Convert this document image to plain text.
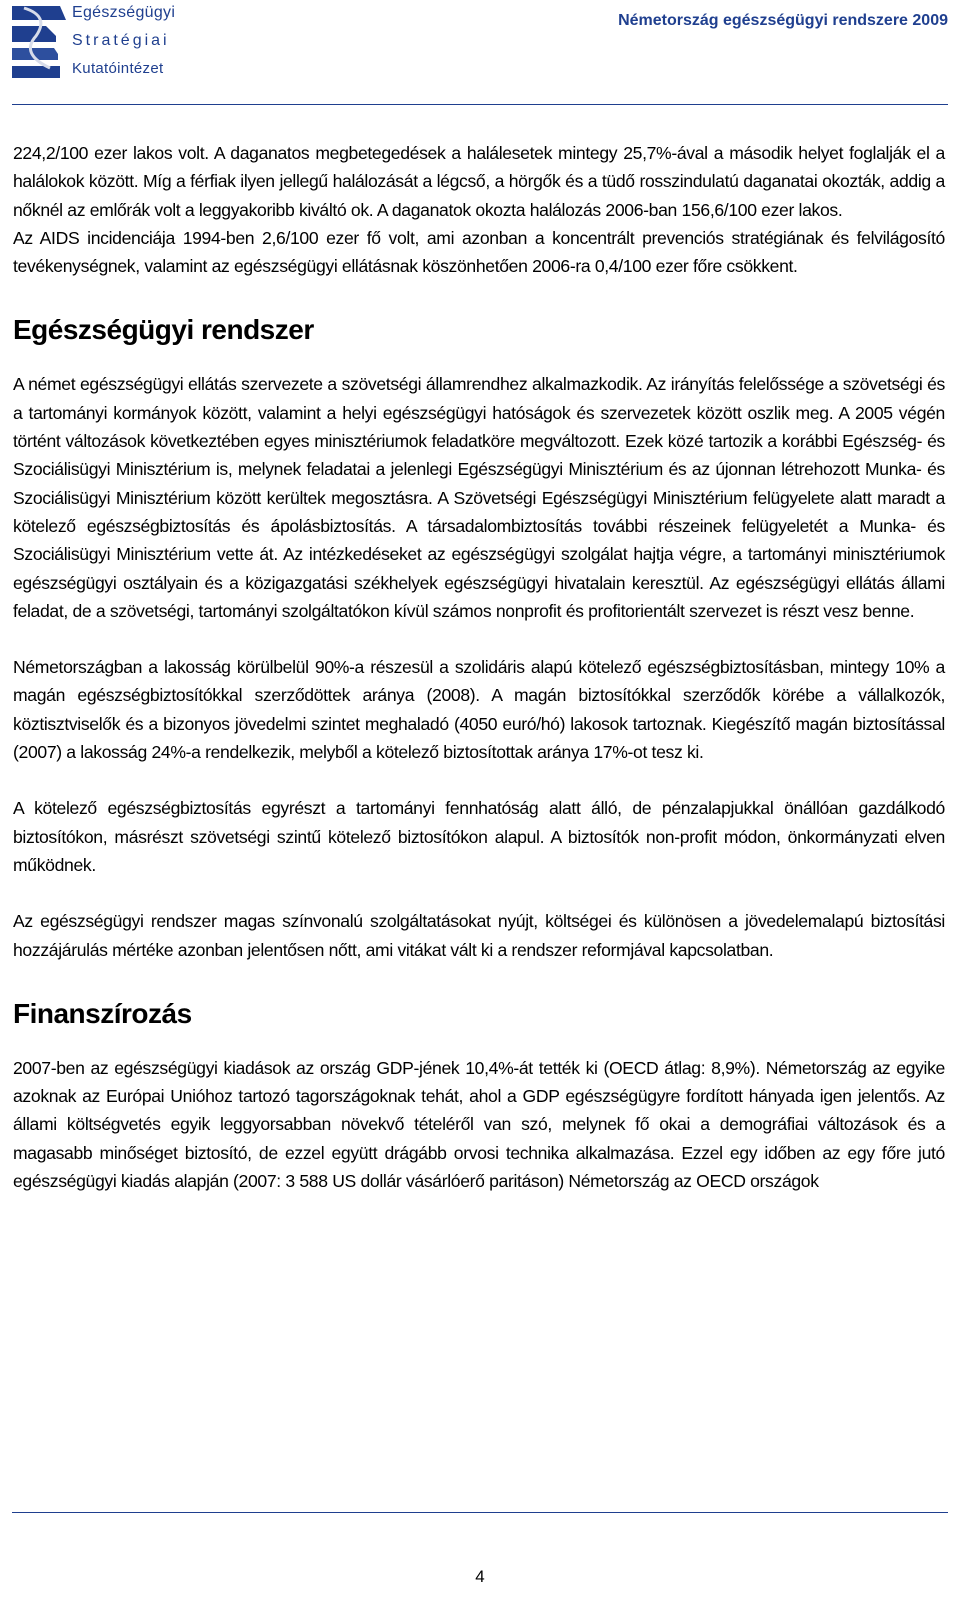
Egészségügyi
Stratégiai
Kutatóintézet
Németország egészségügyi rendszere 2009

224,2/100 ezer lakos volt. A daganatos megbetegedések a halálesetek mintegy 25,7%-ával a második helyet foglalják el a halálokok között. Míg a férfiak ilyen jellegű halálozását a légcső, a hörgők és a tüdő rosszindulatú daganatai okozták, addig a nőknél az emlőrák volt a leggyakoribb kiváltó ok. A daganatok okozta halálozás 2006-ban 156,6/100 ezer lakos.

Az AIDS incidenciája 1994-ben 2,6/100 ezer fő volt, ami azonban a koncentrált prevenciós stratégiának és felvilágosító tevékenységnek, valamint az egészségügyi ellátásnak köszönhetően 2006-ra 0,4/100 ezer főre csökkent.

Egészségügyi rendszer

A német egészségügyi ellátás szervezete a szövetségi államrendhez alkalmazkodik. Az irányítás felelőssége a szövetségi és a tartományi kormányok között, valamint a helyi egészségügyi hatóságok és szervezetek között oszlik meg. A 2005 végén történt változások következtében egyes minisztériumok feladatköre megváltozott. Ezek közé tartozik a korábbi Egészség- és Szociálisügyi Minisztérium is, melynek feladatai a jelenlegi Egészségügyi Minisztérium és az újonnan létrehozott Munka- és Szociálisügyi Minisztérium között kerültek megosztásra. A Szövetségi Egészségügyi Minisztérium felügyelete alatt maradt a kötelező egészségbiztosítás és ápolásbiztosítás. A társadalombiztosítás további részeinek felügyeletét a Munka- és Szociálisügyi Minisztérium vette át. Az intézkedéseket az egészségügyi szolgálat hajtja végre, a tartományi minisztériumok egészségügyi osztályain és a közigazgatási székhelyek egészségügyi hivatalain keresztül. Az egészségügyi ellátás állami feladat, de a szövetségi, tartományi szolgáltatókon kívül számos nonprofit és profitorientált szervezet is részt vesz benne.

Németországban a lakosság körülbelül 90%-a részesül a szolidáris alapú kötelező egészségbiztosításban, mintegy 10% a magán egészségbiztosítókkal szerződöttek aránya (2008). A magán biztosítókkal szerződők körébe a vállalkozók, köztisztviselők és a bizonyos jövedelmi szintet meghaladó (4050 euró/hó) lakosok tartoznak. Kiegészítő magán biztosítással (2007) a lakosság 24%-a rendelkezik, melyből a kötelező biztosítottak aránya 17%-ot tesz ki.

A kötelező egészségbiztosítás egyrészt a tartományi fennhatóság alatt álló, de pénzalapjukkal önállóan gazdálkodó biztosítókon, másrészt szövetségi szintű kötelező biztosítókon alapul. A biztosítók non-profit módon, önkormányzati elven működnek.

Az egészségügyi rendszer magas színvonalú szolgáltatásokat nyújt, költségei és különösen a jövedelemalapú biztosítási hozzájárulás mértéke azonban jelentősen nőtt, ami vitákat vált ki a rendszer reformjával kapcsolatban.

Finanszírozás

2007-ben az egészségügyi kiadások az ország GDP-jének 10,4%-át tették ki (OECD átlag: 8,9%). Németország az egyike azoknak az Európai Unióhoz tartozó tagországoknak tehát, ahol a GDP egészségügyre fordított hányada igen jelentős. Az állami költségvetés egyik leggyorsabban növekvő tételéről van szó, melynek fő okai a demográfiai változások és a magasabb minőséget biztosító, de ezzel együtt drágább orvosi technika alkalmazása. Ezzel egy időben az egy főre jutó egészségügyi kiadás alapján (2007: 3 588 US dollár vásárlóerő paritáson) Németország az OECD országok

4
